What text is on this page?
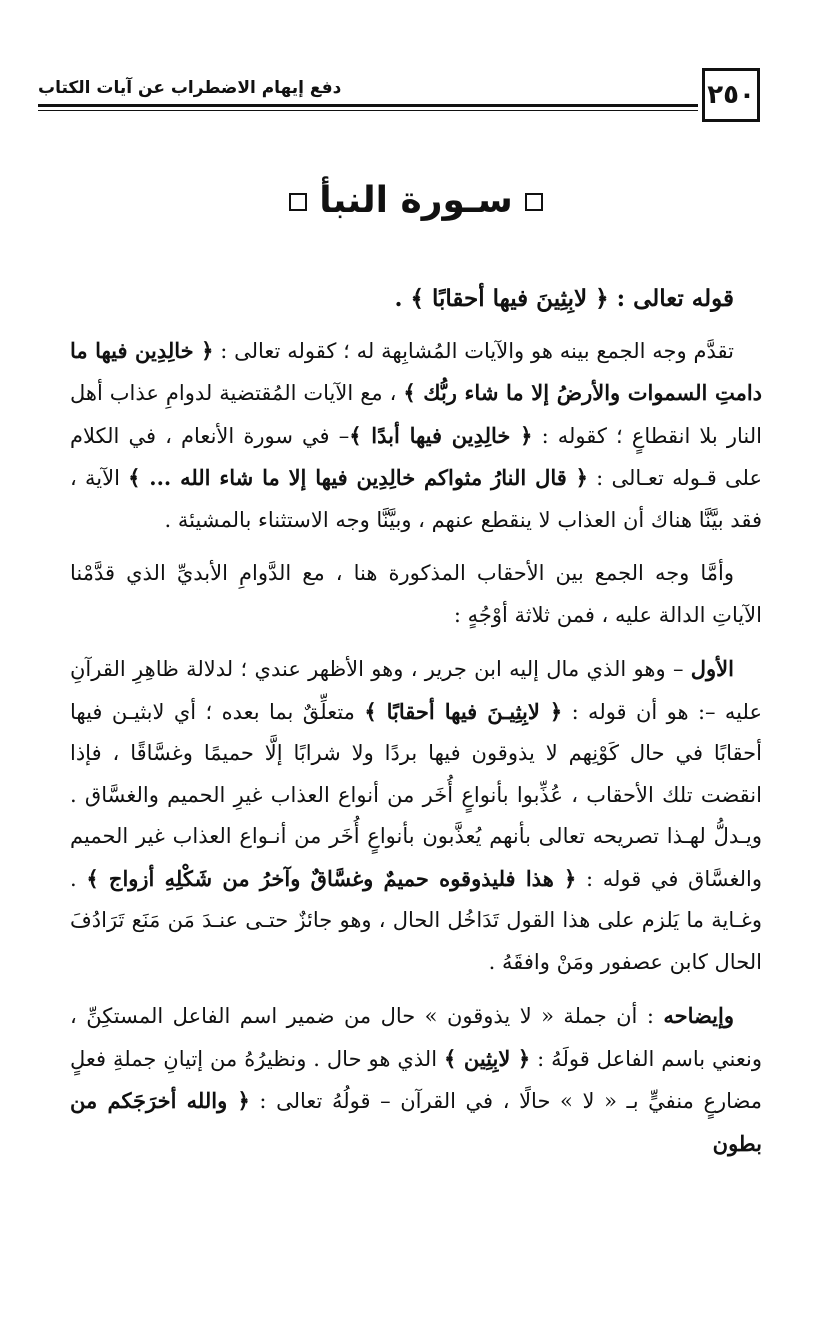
٢٥٠
دفع إيهام الاضطراب عن آيات الكتاب
سـورة النبأ

قوله تعالى : ﴿ لابِثِينَ فيها أحقابًا ﴾ .

تقدَّم وجه الجمع بينه هو والآيات المُشابِهة له ؛ كقوله تعالى : ﴿ خالِدِين فيها ما دامتِ السموات والأرضُ إلا ما شاء ربُّك ﴾ ، مع الآيات المُقتضية لدوامِ عذاب أهل النار بلا انقطاعٍ ؛ كقوله : ﴿ خالِدِين فيها أبدًا ﴾– في سورة الأنعام ، في الكلام على قـوله تعـالى : ﴿ قال النارُ مثواكم خالِدِين فيها إلا ما شاء الله ... ﴾ الآية ، فقد بيَّنَّا هناك أن العذاب لا ينقطع عنهم ، وبيَّنَّا وجه الاستثناء بالمشيئة .

وأمَّا وجه الجمع بين الأحقاب المذكورة هنا ، مع الدَّوامِ الأبديِّ الذي قدَّمْنا الآياتِ الدالة عليه ، فمن ثلاثة أوْجُهٍ :

الأول – وهو الذي مال إليه ابن جرير ، وهو الأظهر عندي ؛ لدلالة ظاهِرِ القرآنِ عليه –: هو أن قوله : ﴿ لابِثِيـنَ فيها أحقابًا ﴾ متعلِّقٌ بما بعده ؛ أي لابثيـن فيها أحقابًا في حال كَوْنِهم لا يذوقون فيها بردًا ولا شرابًا إلَّا حميمًا وغسَّاقًا ، فإذا انقضت تلك الأحقاب ، عُذِّبوا بأنواعٍ أُخَر من أنواع العذاب غيرِ الحميم والغسَّاق . ويـدلُّ لهـذا تصريحه تعالى بأنهم يُعذَّبون بأنواعٍ أُخَر من أنـواع العذاب غير الحميم والغسَّاق في قوله : ﴿ هذا فليذوقوه حميمٌ وغسَّاقٌ وآخرُ من شَكْلِهِ أزواج ﴾ . وغـاية ما يَلزم على هذا القول تَدَاخُل الحال ، وهو جائزٌ حتـى عنـدَ مَن مَنَع تَرَادُفَ الحال كابن عصفور ومَنْ وافقَهُ .

وإيضاحه : أن جملة « لا يذوقون » حال من ضمير اسم الفاعل المستكِنِّ ، ونعني باسم الفاعل قولَهُ : ﴿ لابِثِين ﴾ الذي هو حال . ونظيرُهُ من إتيانِ جملةِ فعلٍ مضارعٍ منفيٍّ بـ « لا » حالًا ، في القرآن – قولُهُ تعالى : ﴿ والله أخرَجَكم من بطون
